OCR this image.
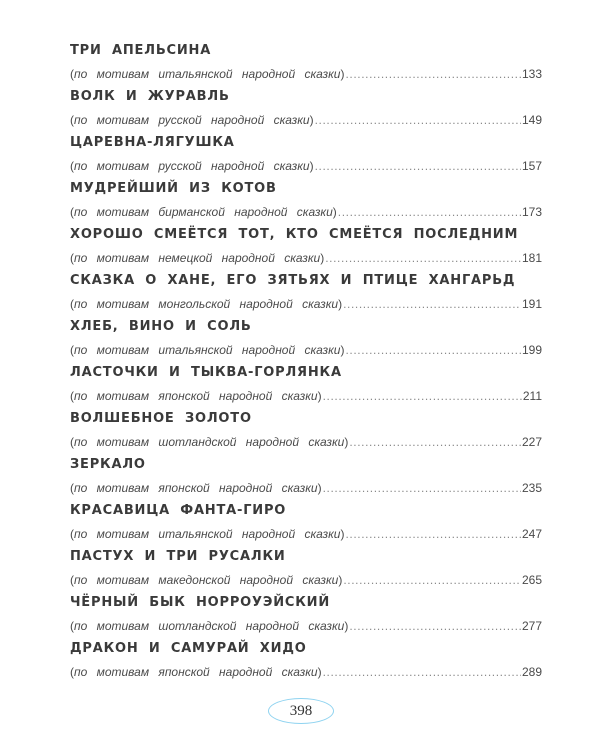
ТРИ АПЕЛЬСИНА
( по мотивам итальянской народной сказки ) .....	133
ВОЛК И ЖУРАВЛЬ
( по мотивам русской народной сказки ) .....	149
ЦАРЕВНА-ЛЯГУШКА
( по мотивам русской народной сказки ) .....	157
МУДРЕЙШИЙ ИЗ КОТОВ
( по мотивам бирманской народной сказки ) .....	173
ХОРОШО СМЕЁТСЯ ТОТ, КТО СМЕЁТСЯ ПОСЛЕДНИМ
( по мотивам немецкой народной сказки ) .....	181
СКАЗКА О ХАНЕ, ЕГО ЗЯТЬЯХ И ПТИЦЕ ХАНГАРЬД
( по мотивам монгольской народной сказки ) .....	191
ХЛЕБ, ВИНО И СОЛЬ
( по мотивам итальянской народной сказки ) .....	199
ЛАСТОЧКИ И ТЫКВА-ГОРЛЯНКА
( по мотивам японской народной сказки ) .....	211
ВОЛШЕБНОЕ ЗОЛОТО
( по мотивам шотландской народной сказки ) .....	227
ЗЕРКАЛО
( по мотивам японской народной сказки ) .....	235
КРАСАВИЦА ФАНТА-ГИРО
( по мотивам итальянской народной сказки ) .....	247
ПАСТУХ И ТРИ РУСАЛКИ
( по мотивам македонской народной сказки ) .....	265
ЧЁРНЫЙ БЫК НОРРОУЭЙСКИЙ
( по мотивам шотландской народной сказки ) .....	277
ДРАКОН И САМУРАЙ ХИДО
( по мотивам японской народной сказки ) .....	289
398
